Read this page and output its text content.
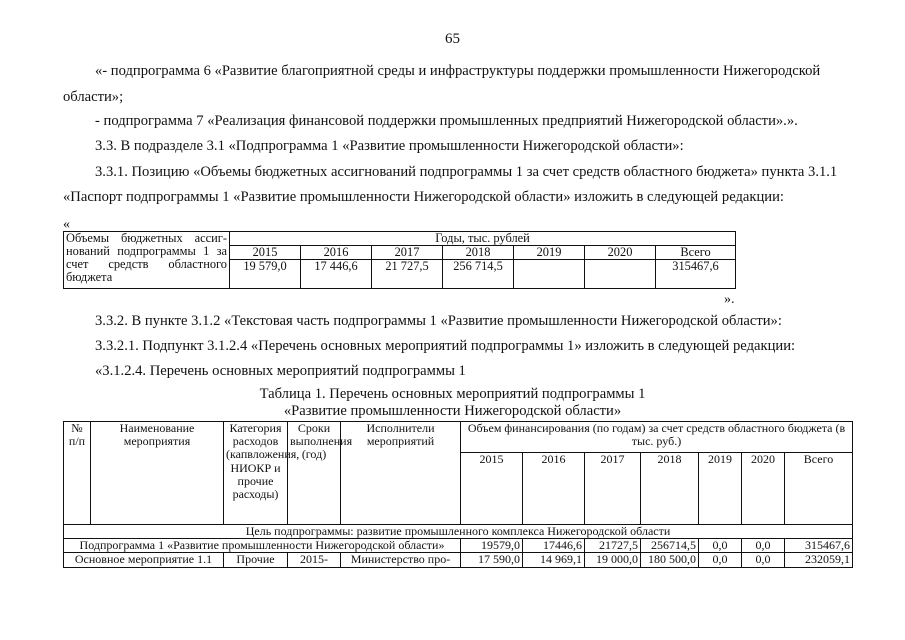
65
«- подпрограмма 6 «Развитие благоприятной среды и инфраструктуры поддержки промышленности Нижегородской
области»;
- подпрограмма 7 «Реализация финансовой поддержки промышленных предприятий Нижегородской области».».
3.3. В подразделе 3.1 «Подпрограмма 1 «Развитие промышленности Нижегородской области»:
3.3.1. Позицию «Объемы бюджетных ассигнований подпрограммы 1 за счет средств областного бюджета» пункта 3.1.1
«Паспорт подпрограммы 1 «Развитие промышленности Нижегородской области» изложить в следующей редакции:
«
Объемы бюджетных ассиг-
нований подпрограммы 1 за
счет средств областного
бюджета	Годы, тыс. рублей						
	2015	2016	2017	2018	2019	2020	Всего
	19 579,0	17 446,6	21 727,5	256 714,5			315467,6
».
3.3.2. В пункте 3.1.2 «Текстовая часть подпрограммы 1 «Развитие промышленности Нижегородской области»:
3.3.2.1. Подпункт 3.1.2.4 «Перечень основных мероприятий подпрограммы 1» изложить в следующей редакции:
«3.1.2.4. Перечень основных мероприятий подпрограммы 1
Таблица 1. Перечень основных мероприятий подпрограммы 1
«Развитие промышленности Нижегородской области»
№ п/п	Наименование мероприятия	Категория расходов (капвложения, НИОКР и прочие расходы)	Сроки выполнения (год)	Исполнители мероприятий	Объем финансирования (по годам) за счет средств областного бюджета (в тыс. руб.)						
					2015	2016	2017	2018	2019	2020	Всего
Цель подпрограммы: развитие промышленного комплекса Нижегородской области											
Подпрограмма 1 «Развитие промышленности Нижегородской области»					19579,0	17446,6	21727,5	256714,5	0,0	0,0	315467,6
Основное мероприятие 1.1		Прочие	2015-	Министерство про-	17 590,0	14 969,1	19 000,0	180 500,0	0,0	0,0	232059,1
